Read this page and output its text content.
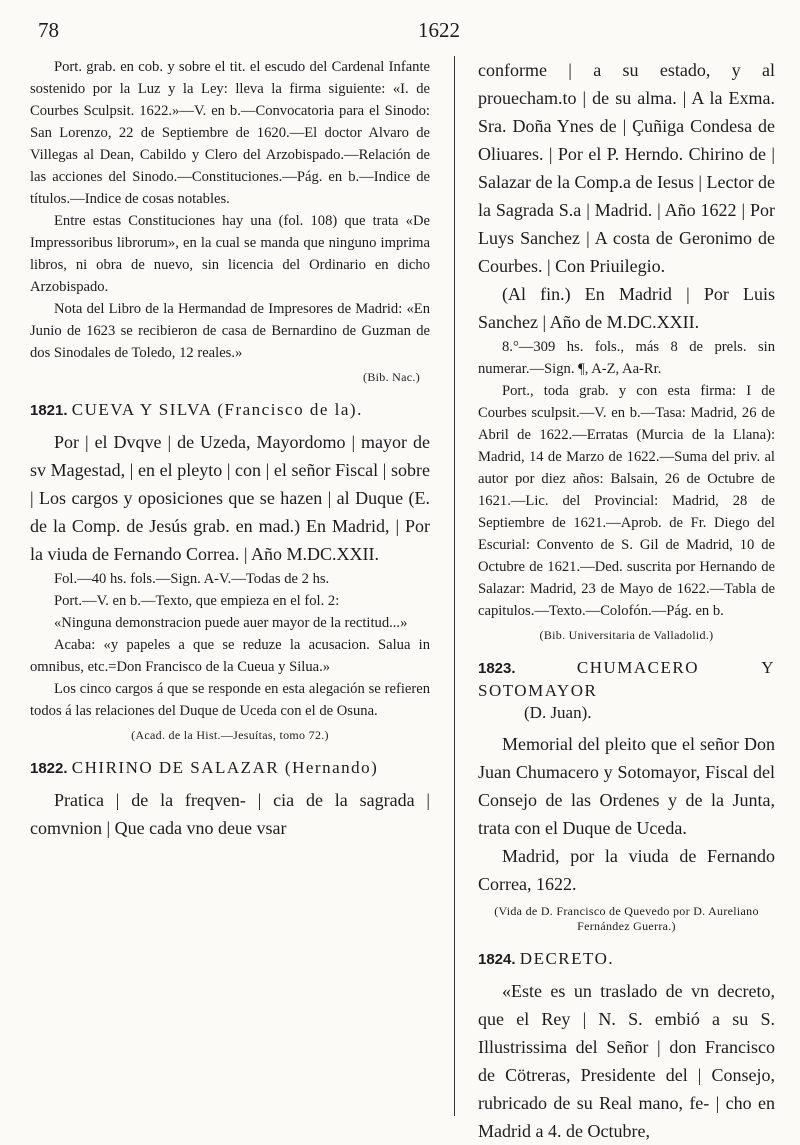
78	1622

Port. grab. en cob. y sobre el tit. el escudo del Cardenal Infante sostenido por la Luz y la Ley: lleva la firma siguiente: «I. de Courbes Sculpsit. 1622.»—V. en b.—Convocatoria para el Sinodo: San Lorenzo, 22 de Septiembre de 1620.—El doctor Alvaro de Villegas al Dean, Cabildo y Clero del Arzobispado.—Relación de las acciones del Sinodo.—Constituciones.—Pág. en b.—Indice de títulos.—Indice de cosas notables.

Entre estas Constituciones hay una (fol. 108) que trata «De Impressoribus librorum», en la cual se manda que ninguno imprima libros, ni obra de nuevo, sin licencia del Ordinario en dicho Arzobispado.

Nota del Libro de la Hermandad de Impresores de Madrid: «En Junio de 1623 se recibieron de casa de Bernardino de Guzman de dos Sinodales de Toledo, 12 reales.»

(Bib. Nac.)

1821. CUEVA Y SILVA (Francisco de la).

Por | el Dvqve | de Uzeda, Mayordomo | mayor de sv Magestad, | en el pleyto | con | el señor Fiscal | sobre | Los cargos y oposiciones que se hazen | al Duque (E. de la Comp. de Jesús grab. en mad.) En Madrid, | Por la viuda de Fernando Correa. | Año M.DC.XXII.

Fol.—40 hs. fols.—Sign. A-V.—Todas de 2 hs.

Port.—V. en b.—Texto, que empieza en el fol. 2:

«Ninguna demonstracion puede auer mayor de la rectitud...»

Acaba: «y papeles a que se reduze la acusacion. Salua in omnibus, etc.=Don Francisco de la Cueua y Silua.»

Los cinco cargos á que se responde en esta alegación se refieren todos á las relaciones del Duque de Uceda con el de Osuna.

(Acad. de la Hist.—Jesuítas, tomo 72.)

1822. CHIRINO DE SALAZAR (Hernando)

Pratica | de la freqven- | cia de la sagrada | comvnion | Que cada vno deue vsar

conforme | a su estado, y al prouecham.to | de su alma. | A la Exma. Sra. Doña Ynes de | Çuñiga Condesa de Oliuares. | Por el P. Herndo. Chirino de | Salazar de la Comp.a de Iesus | Lector de la Sagrada S.a | Madrid. | Año 1622 | Por Luys Sanchez | A costa de Geronimo de Courbes. | Con Priuilegio.

(Al fin.) En Madrid | Por Luis Sanchez | Año de M.DC.XXII.

8.°—309 hs. fols., más 8 de prels. sin numerar.—Sign. ¶, A-Z, Aa-Rr.

Port., toda grab. y con esta firma: I de Courbes sculpsit.—V. en b.—Tasa: Madrid, 26 de Abril de 1622.—Erratas (Murcia de la Llana): Madrid, 14 de Marzo de 1622.—Suma del priv. al autor por diez años: Balsain, 26 de Octubre de 1621.—Lic. del Provincial: Madrid, 28 de Septiembre de 1621.—Aprob. de Fr. Diego del Escurial: Convento de S. Gil de Madrid, 10 de Octubre de 1621.—Ded. suscrita por Hernando de Salazar: Madrid, 23 de Mayo de 1622.—Tabla de capitulos.—Texto.—Colofón.—Pág. en b.

(Bib. Universitaria de Valladolid.)

1823.	CHUMACERO Y SOTOMAYOR
(D. Juan).

Memorial del pleito que el señor Don Juan Chumacero y Sotomayor, Fiscal del Consejo de las Ordenes y de la Junta, trata con el Duque de Uceda.

Madrid, por la viuda de Fernando Correa, 1622.

(Vida de D. Francisco de Quevedo por D. Aureliano Fernández Guerra.)

1824. DECRETO.

«Este es un traslado de vn decreto, que el Rey | N. S. embió a su S. Illustrissima del Señor | don Francisco de Cötreras, Presidente del | Consejo, rubricado de su Real mano, fe- | cho en Madrid a 4. de Octubre,
